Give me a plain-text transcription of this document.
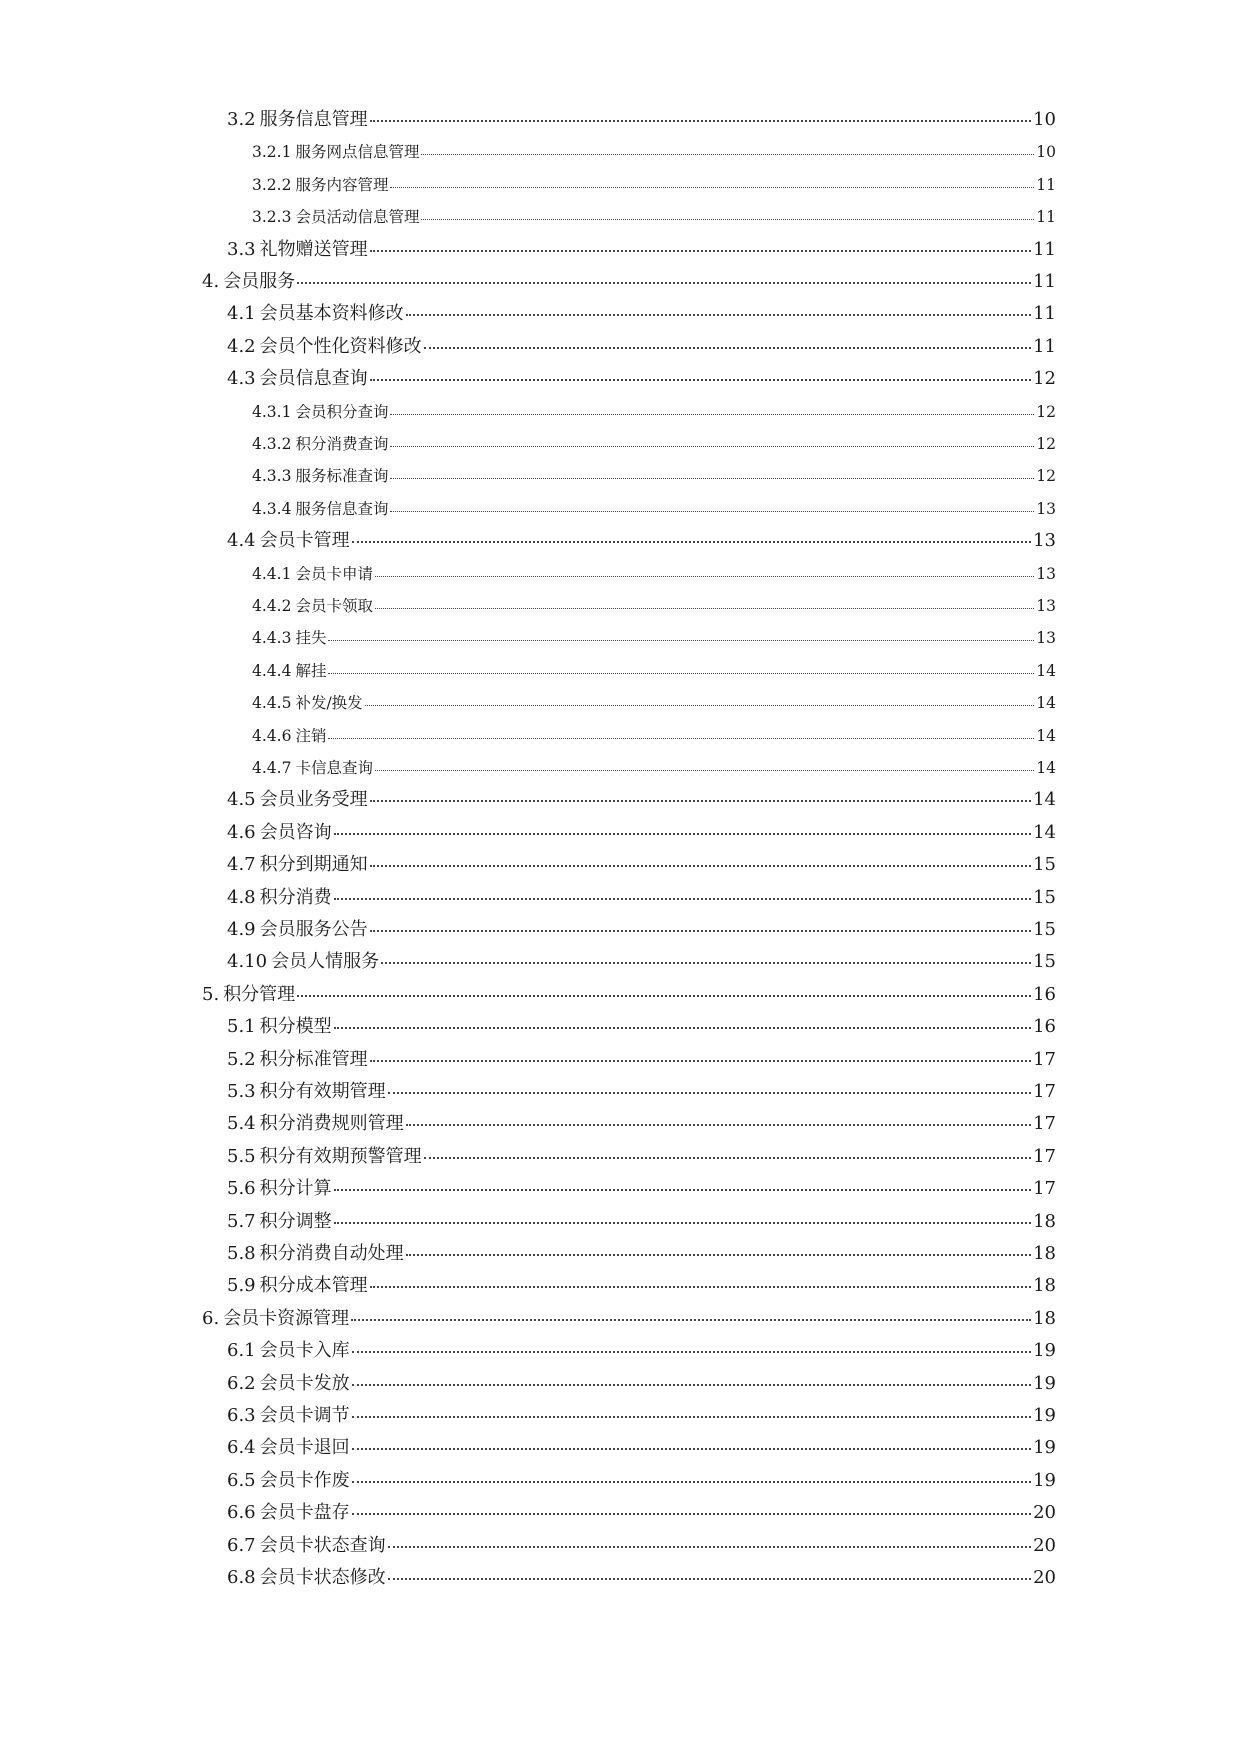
3.2 服务信息管理	10
3.2.1 服务网点信息管理	10
3.2.2 服务内容管理	11
3.2.3 会员活动信息管理	11
3.3 礼物赠送管理	11
4. 会员服务	11
4.1 会员基本资料修改	11
4.2 会员个性化资料修改	11
4.3 会员信息查询	12
4.3.1 会员积分查询	12
4.3.2 积分消费查询	12
4.3.3 服务标准查询	12
4.3.4 服务信息查询	13
4.4 会员卡管理	13
4.4.1 会员卡申请	13
4.4.2 会员卡领取	13
4.4.3 挂失	13
4.4.4 解挂	14
4.4.5 补发/换发	14
4.4.6 注销	14
4.4.7 卡信息查询	14
4.5 会员业务受理	14
4.6 会员咨询	14
4.7 积分到期通知	15
4.8 积分消费	15
4.9 会员服务公告	15
4.10 会员人情服务	15
5. 积分管理	16
5.1 积分模型	16
5.2 积分标准管理	17
5.3 积分有效期管理	17
5.4 积分消费规则管理	17
5.5 积分有效期预警管理	17
5.6 积分计算	17
5.7 积分调整	18
5.8 积分消费自动处理	18
5.9 积分成本管理	18
6. 会员卡资源管理	18
6.1 会员卡入库	19
6.2 会员卡发放	19
6.3 会员卡调节	19
6.4 会员卡退回	19
6.5 会员卡作废	19
6.6 会员卡盘存	20
6.7 会员卡状态查询	20
6.8 会员卡状态修改	20
